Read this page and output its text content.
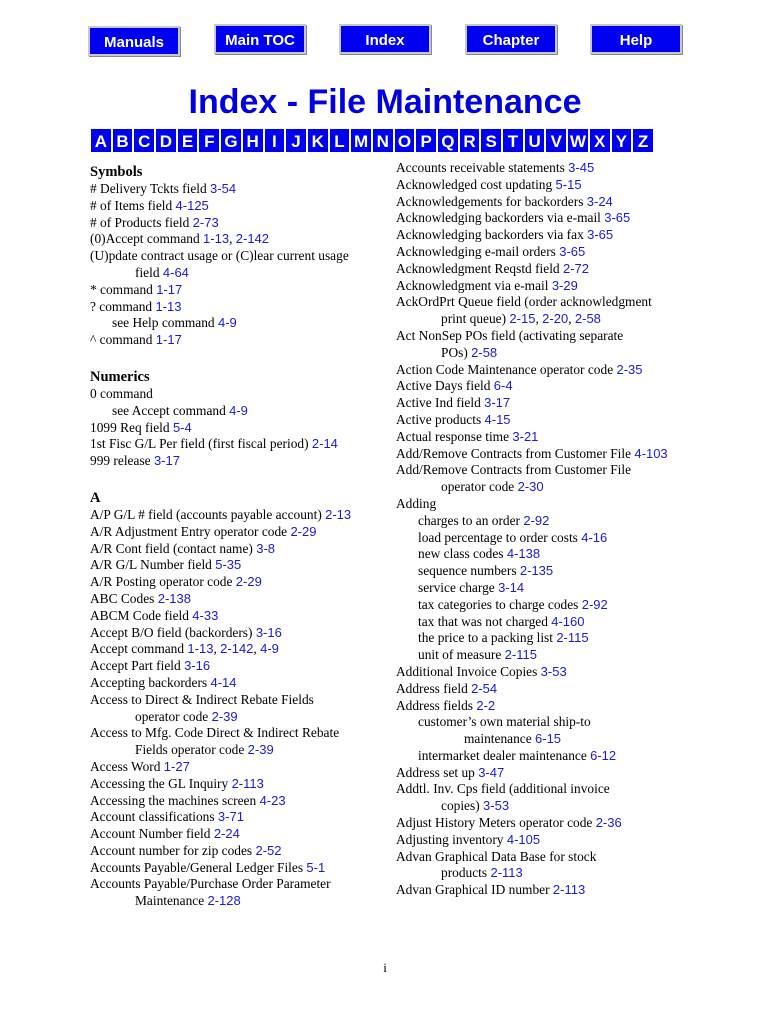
Manuals	Main TOC	Index	Chapter TOC
Help
Index - File Maintenance
A B C D E F G H I J K L M N O P Q R S T U V W X Y Z
Symbols
# Delivery Tckts field 3-54
# of Items field 4-125
# of Products field 2-73
(0)Accept command 1-13, 2-142
(U)pdate contract usage or (C)lear current usage
field 4-64
* command 1-17
? command 1-13
see Help command 4-9
^ command 1-17
Numerics
0 command
see Accept command 4-9
1099 Req field 5-4
1st Fisc G/L Per field (first fiscal period) 2-14
999 release 3-17
A
A/P G/L # field (accounts payable account) 2-13
A/R Adjustment Entry operator code 2-29
A/R Cont field (contact name) 3-8
A/R G/L Number field 5-35
A/R Posting operator code 2-29
ABC Codes 2-138
ABCM Code field 4-33
Accept B/O field (backorders) 3-16
Accept command 1-13, 2-142, 4-9
Accept Part field 3-16
Accepting backorders 4-14
Access to Direct & Indirect Rebate Fields
operator code 2-39
Access to Mfg. Code Direct & Indirect Rebate
Fields operator code 2-39
Access Word 1-27
Accessing the GL Inquiry 2-113
Accessing the machines screen 4-23
Account classifications 3-71
Account Number field 2-24
Account number for zip codes 2-52
Accounts Payable/General Ledger Files 5-1
Accounts Payable/Purchase Order Parameter
Maintenance 2-128
Accounts receivable statements 3-45
Acknowledged cost updating 5-15
Acknowledgements for backorders 3-24
Acknowledging backorders via e-mail 3-65
Acknowledging backorders via fax 3-65
Acknowledging e-mail orders 3-65
Acknowledgment Reqstd field 2-72
Acknowledgment via e-mail 3-29
AckOrdPrt Queue field (order acknowledgment
print queue) 2-15, 2-20, 2-58
Act NonSep POs field (activating separate
POs) 2-58
Action Code Maintenance operator code 2-35
Active Days field 6-4
Active Ind field 3-17
Active products 4-15
Actual response time 3-21
Add/Remove Contracts from Customer File 4-103
Add/Remove Contracts from Customer File
operator code 2-30
Adding
charges to an order 2-92
load percentage to order costs 4-16
new class codes 4-138
sequence numbers 2-135
service charge 3-14
tax categories to charge codes 2-92
tax that was not charged 4-160
the price to a packing list 2-115
unit of measure 2-115
Additional Invoice Copies 3-53
Address field 2-54
Address fields 2-2
customer’s own material ship-to
maintenance 6-15
intermarket dealer maintenance 6-12
Address set up 3-47
Addtl. Inv. Cps field (additional invoice
copies) 3-53
Adjust History Meters operator code 2-36
Adjusting inventory 4-105
Advan Graphical Data Base for stock
products 2-113
Advan Graphical ID number 2-113
i
